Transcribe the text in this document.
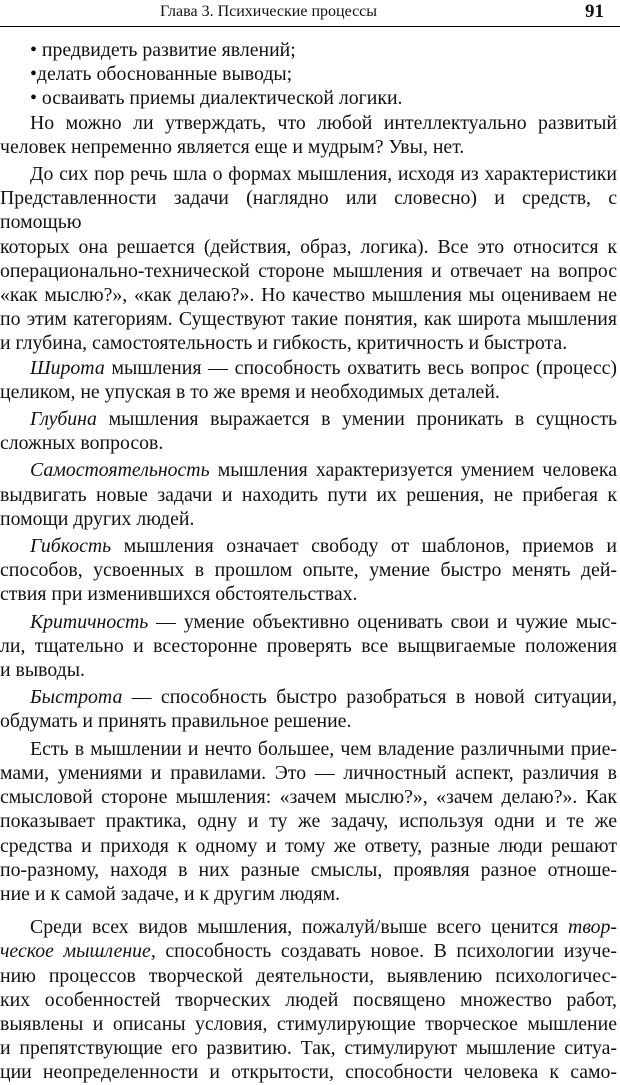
Глава 3. Психические процессы	91

• предвидеть развитие явлений;

•делать обоснованные выводы;

• осваивать приемы диалектической логики.

Но можно ли утверждать, что любой интеллектуально развитый

человек непременно является еще и мудрым? Увы, нет.

До сих пор речь шла о формах мышления, исходя из характеристики

Представленности задачи (наглядно или словесно) и средств, с помощью

которых она решается (действия, образ, логика). Все это относится к

операционально-технической стороне мышления и отвечает на вопрос

«как мыслю?», «как делаю?». Но качество мышления мы оцениваем не

по этим категориям. Существуют такие понятия, как широта мышления

и глубина, самостоятельность и гибкость, критичность и быстрота.

Широта мышления — способность охватить весь вопрос (процесс)

целиком, не упуская в то же время и необходимых деталей.

Глубина мышления выражается в умении проникать в сущность

сложных вопросов.

Самостоятельность мышления характеризуется умением человека

выдвигать новые задачи и находить пути их решения, не прибегая к

помощи других людей.

Гибкость мышления означает свободу от шаблонов, приемов и

способов, усвоенных в прошлом опыте, умение быстро менять дей-

ствия при изменившихся обстоятельствах.

Критичность — умение объективно оценивать свои и чужие мыс-

ли, тщательно и всесторонне проверять все выщвигаемые положения

и выводы.

Быстрота — способность быстро разобраться в новой ситуации,

обдумать и принять правильное решение.

Есть в мышлении и нечто большее, чем владение различными прие-

мами, умениями и правилами. Это — личностный аспект, различия в

смысловой стороне мышления: «зачем мыслю?», «зачем делаю?». Как

показывает практика, одну и ту же задачу, используя одни и те же

средства и приходя к одному и тому же ответу, разные люди решают

по-разному, находя в них разные смыслы, проявляя разное отноше-

ние и к самой задаче, и к другим людям.

Среди всех видов мышления, пожалуй/выше всего ценится твор-

ческое мышление, способность создавать новое. В психологии изуче-

нию процессов творческой деятельности, выявлению психологичес-

ких особенностей творческих людей посвящено множество работ,

выявлены и описаны условия, стимулирующие творческое мышление

и препятствующие его развитию. Так, стимулируют мышление ситуа-

ции неопределенности и открытости, способности человека к само-
